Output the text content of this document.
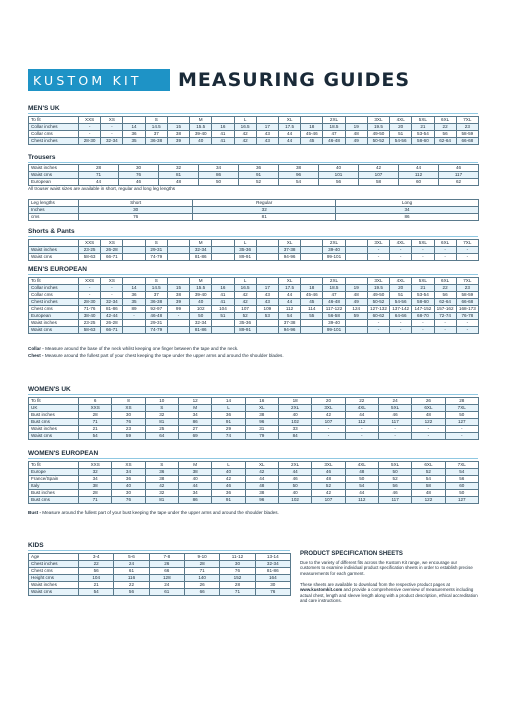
KUSTOM KIT	MEASURING GUIDES
MEN'S UK
To fit	XXS	XS		S		M		L		XL		2XL		3XL	4XL	5XL	6XL	7XL
Collar inches	-	-	14	14.5	15	15.5	16	16.5	17	17.5	18	18.5	19	19.5	20	21	22	23
Collar cms	-	-	36	37	38	39-40	41	42	43	44	45-46	47	48	49-50	51	53-54	56	58-59
Chest inches	28-30	32-34	35	36-38	39	40	41	42	43	44	45	46-48	49	50-52	54-56	58-60	62-64	66-68
Trousers
Waist inches	28	30	32	34	36	38	40	42	44	46
Waist cms	71	76	81	86	91	96	101	107	112	117
European	44	46	48	50	52	54	56	58	60	62
All trouser waist sizes are available in short, regular and long leg lengths
Leg lengths	Short	Regular	Long
Inches	30	32	34
cms	76	81	86
Shorts & Pants
	XXS	XS		S		M		L		XL		2XL		3XL	4XL	5XL	6XL	7XL
Waist inches	23-25	26-28		29-31		32-34		35-36		37-38		39-40		-	-	-	-	-
Waist cms	58-63	66-71		74-79		81-86		89-91		94-96		99-101		-	-	-	-	-
MEN'S EUROPEAN
To fit	XXS	XS		S		M		L		XL		2XL		3XL	4XL	5XL	6XL	7XL
Collar inches	-	-	14	14.5	15	15.5	16	16.5	17	17.5	18	18.5	19	19.5	20	21	22	23
Collar cms	-	-	36	37	38	39-40	41	42	43	44	45-46	47	48	49-50	51	53-54	56	58-59
Chest inches	28-30	32-34	35	36-38	39	40	41	42	43	44	45	46-48	49	50-52	54-56	58-60	62-64	66-68
Chest cms	71-76	81-86	89	92-97	99	102	104	107	109	112	114	117-122	124	127-132	137-142	147-152	157-162	168-173
European	38-40	42-44	-	46-48	-	50	51	52	53	54	55	56-58	59	60-62	64-66	68-70	72-74	76-78
Waist inches	23-25	26-28		29-31		32-34		35-36		37-38		39-40		-	-	-	-	-
Waist cms	58-63	66-71		74-79		81-86		89-91		94-96		99-101		-	-	-	-	-
Collar - Measure around the base of the neck whilst keeping one finger between the tape and the neck.
Chest - Measure around the fullest part of your chest keeping the tape under the upper arms and around the shoulder blades.
WOMEN'S UK
To fit	6	8	10	12	14	16	18	20	22	24	26	28
UK	XXS	XS	S	M	L	XL	2XL	3XL	4XL	5XL	6XL	7XL
Bust inches	28	30	32	34	36	38	40	42	44	46	48	50
Bust cms	71	76	81	86	91	96	102	107	112	117	122	127
Waist inches	21	23	25	27	29	31	33	-	-	-	-	-
Waist cms	54	59	64	69	74	79	84	-	-	-	-	-
WOMEN'S EUROPEAN
To fit	XXS	XS	S	M	L	XL	2XL	3XL	4XL	5XL	6XL	7XL
Europe	32	34	36	38	40	42	44	46	48	50	52	54
France/Spain	34	36	38	40	42	44	46	48	50	52	54	56
Italy	38	40	42	44	46	48	50	52	54	56	58	60
Bust inches	28	30	32	34	36	38	40	42	44	46	48	50
Bust cms	71	76	81	86	91	96	102	107	112	117	122	127
Bust - Measure around the fullest part of your bust keeping the tape under the upper arms and around the shoulder blades.
KIDS
Age	3-4	5-6	7-8	9-10	11-12	13-14
Chest inches	22	24	26	28	30	32-34
Chest cms	56	61	66	71	76	81-86
Height cms	104	116	128	140	152	164
Waist inches	21	22	24	26	28	30
Waist cms	54	56	61	66	71	76
PRODUCT SPECIFICATION SHEETS
Due to the variety of different fits across the Kustom Kit range, we encourage our customers to examine individual product specification sheets in order to establish precise measurements for each garment.
These sheets are available to download from the respective product pages at www.kustomkit.com and provide a comprehensive overview of measurements including actual chest, length and sleeve length along with a product description, ethical accreditation and care instructions.
